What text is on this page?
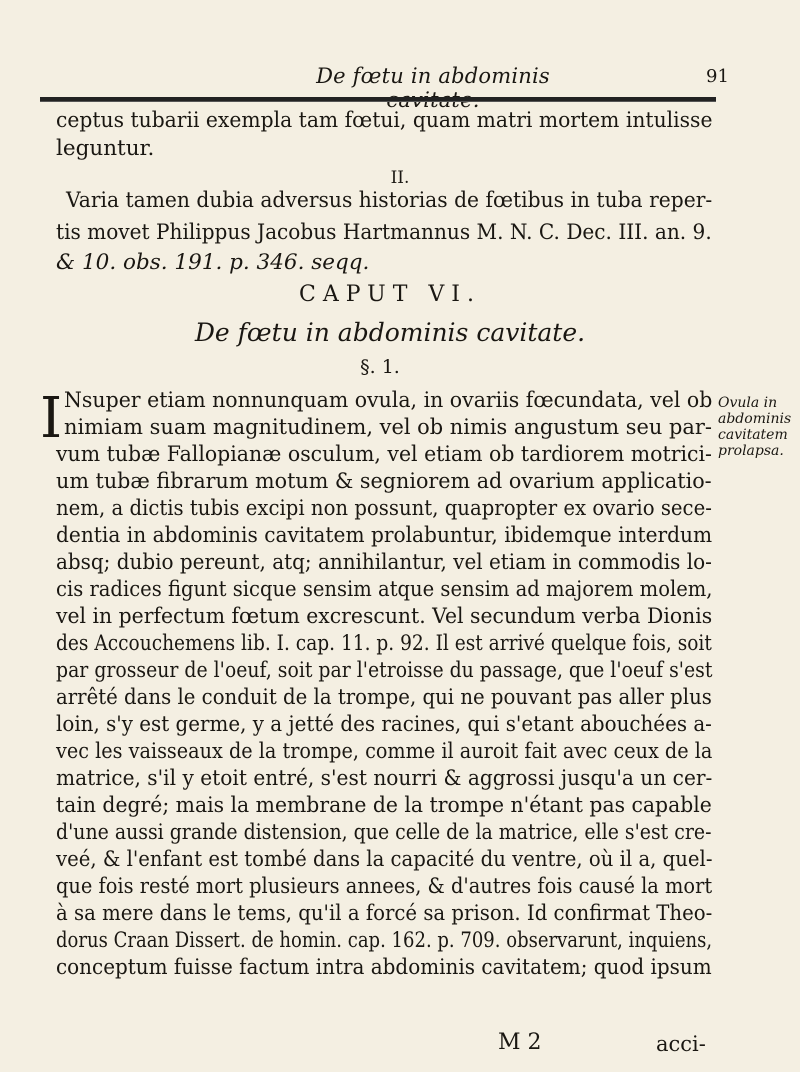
De fœtu in abdominis	91
ceptus tubarii exempla tam fœtui, quam matri mortem intulisse
leguntur.
II.
Varia tamen dubia adversus historias de fœtibus in tuba reper-
tis movet Philippus Jacobus Hartmannus M. N. C. Dec. III. an. 9.
& 10. obs. 191. p. 346. seqq.
CAPUT VI.
De fœtu in abdominis cavitate.
§. 1.
I Nsuper etiam nonnunquam ovula, in ovariis fœcundata, vel ob
nimiam suam magnitudinem, vel ob nimis angustum seu par-
vum tubæ Fallopianæ osculum, vel etiam ob tardiorem motrici-
um tubæ fibrarum motum & segniorem ad ovarium applicatio-
nem, a dictis tubis excipi non possunt, quapropter ex ovario sece-
dentia in abdominis cavitatem prolabuntur, ibidemque interdum
absq; dubio pereunt, atq; annihilantur, vel etiam in commodis lo-
cis radices figunt sicque sensim atque sensim ad majorem molem,
vel in perfectum fœtum excrescunt. Vel secundum verba Dionis
des Accouchemens lib. I. cap. 11. p. 92. Il est arrivé quelque fois, soit
par grosseur de l'oeuf, soit par l'etroisse du passage, que l'oeuf s'est
arrêté dans le conduit de la trompe, qui ne pouvant pas aller plus
loin, s'y est germe, y a jetté des racines, qui s'etant abouchées a-
vec les vaisseaux de la trompe, comme il auroit fait avec ceux de la
matrice, s'il y etoit entré, s'est nourri & aggrossi jusqu'a un cer-
tain degré; mais la membrane de la trompe n'étant pas capable
d'une aussi grande distension, que celle de la matrice, elle s'est cre-
veé, & l'enfant est tombé dans la capacité du ventre, où il a, quel-
que fois resté mort plusieurs annees, & d'autres fois causé la mort
à sa mere dans le tems, qu'il a forcé sa prison. Id confirmat Theo-
dorus Craan Dissert. de homin. cap. 162. p. 709. observarunt, inquiens,
conceptum fuisse factum intra abdominis cavitatem; quod ipsum
Ovula in
abdominis
cavitatem
prolapsa.
M 2	acci-
